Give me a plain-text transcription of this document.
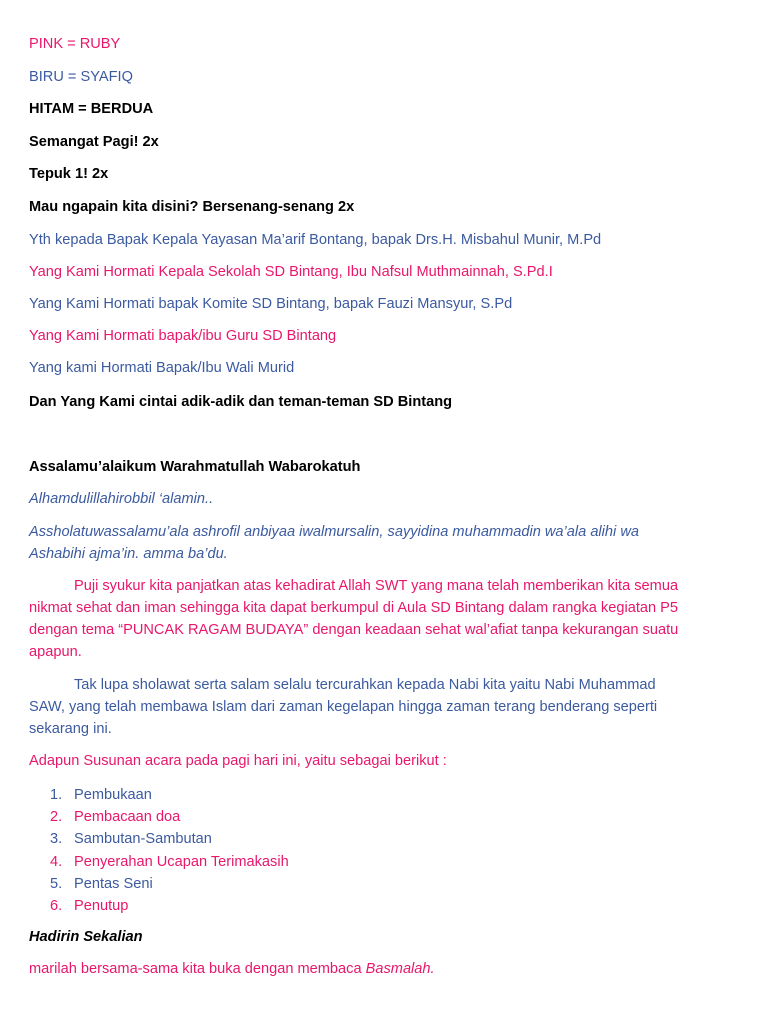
PINK = RUBY
BIRU = SYAFIQ
HITAM = BERDUA
Semangat Pagi! 2x
Tepuk 1! 2x
Mau ngapain kita disini? Bersenang-senang 2x
Yth kepada Bapak Kepala Yayasan Ma’arif Bontang, bapak Drs.H. Misbahul Munir, M.Pd
Yang Kami Hormati Kepala Sekolah SD Bintang, Ibu Nafsul Muthmainnah, S.Pd.I
Yang Kami Hormati bapak Komite SD Bintang, bapak Fauzi Mansyur, S.Pd
Yang Kami Hormati bapak/ibu Guru SD Bintang
Yang kami Hormati Bapak/Ibu Wali Murid
Dan Yang Kami cintai adik-adik dan teman-teman SD Bintang
Assalamu’alaikum Warahmatullah Wabarokatuh
Alhamdulillahirobbil ‘alamin..

Assholatuwassalamu’ala ashrofil anbiyaa iwalmursalin, sayyidina muhammadin wa’ala alihi wa

Ashabihi ajma’in. amma ba’du.

Puji syukur kita panjatkan atas kehadirat Allah SWT yang mana telah memberikan kita semua

nikmat sehat dan iman sehingga kita dapat berkumpul di Aula SD Bintang dalam rangka kegiatan P5

dengan tema “PUNCAK RAGAM BUDAYA” dengan keadaan sehat wal’afiat tanpa kekurangan suatu

apapun.

Tak lupa sholawat serta salam selalu tercurahkan kepada Nabi kita yaitu Nabi Muhammad

SAW, yang telah membawa Islam dari zaman kegelapan hingga zaman terang benderang seperti

sekarang ini.

Adapun Susunan acara pada pagi hari ini, yaitu sebagai berikut :
1. Pembukaan
2. Pembacaan doa
3. Sambutan-Sambutan
4. Penyerahan Ucapan Terimakasih
5. Pentas Seni
6. Penutup
Hadirin Sekalian
marilah bersama-sama kita buka dengan membaca Basmalah.
